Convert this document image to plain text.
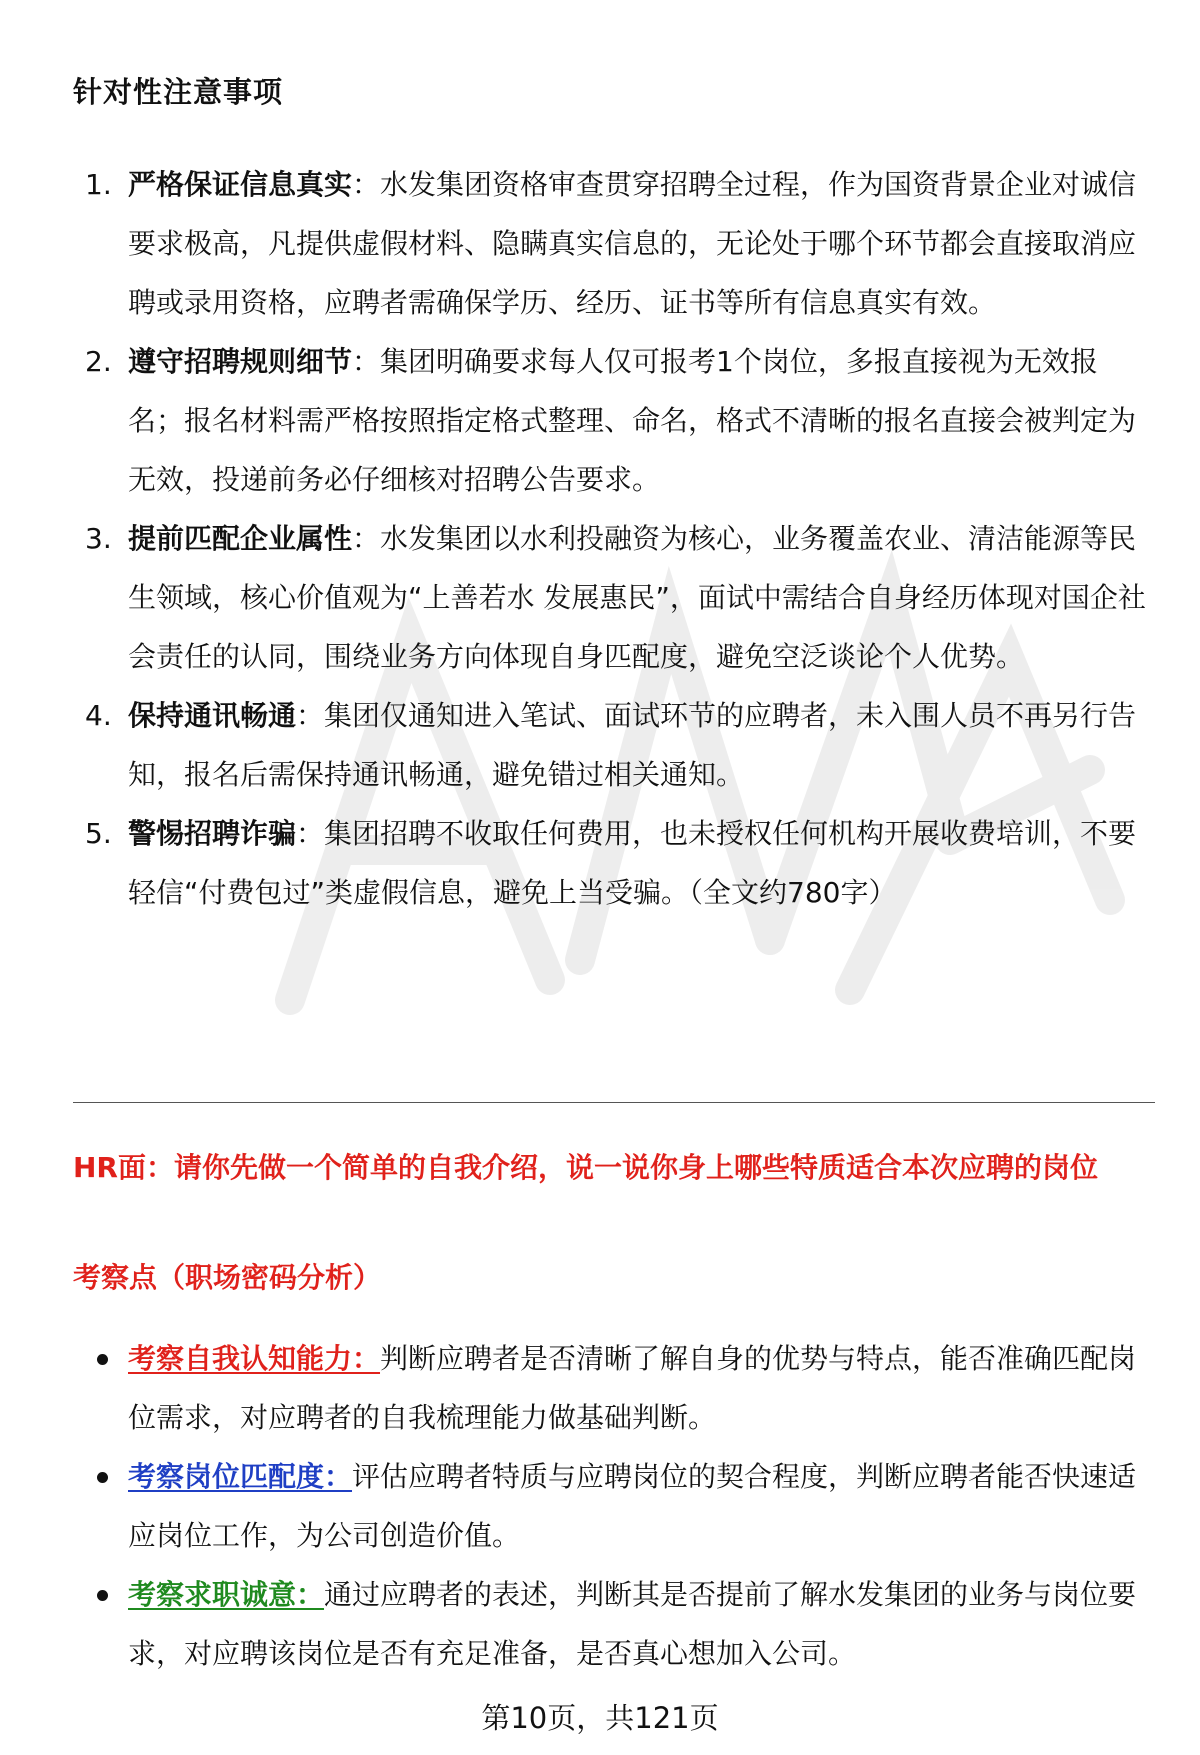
针对性注意事项
1. 严格保证信息真实：水发集团资格审查贯穿招聘全过程，作为国资背景企业对诚信要求极高，凡提供虚假材料、隐瞒真实信息的，无论处于哪个环节都会直接取消应聘或录用资格，应聘者需确保学历、经历、证书等所有信息真实有效。
2. 遵守招聘规则细节：集团明确要求每人仅可报考1个岗位，多报直接视为无效报名；报名材料需严格按照指定格式整理、命名，格式不清晰的报名直接会被判定为无效，投递前务必仔细核对招聘公告要求。
3. 提前匹配企业属性：水发集团以水利投融资为核心，业务覆盖农业、清洁能源等民生领域，核心价值观为“上善若水 发展惠民”，面试中需结合自身经历体现对国企社会责任的认同，围绕业务方向体现自身匹配度，避免空泛谈论个人优势。
4. 保持通讯畅通：集团仅通知进入笔试、面试环节的应聘者，未入围人员不再另行告知，报名后需保持通讯畅通，避免错过相关通知。
5. 警惕招聘诈骗：集团招聘不收取任何费用，也未授权任何机构开展收费培训，不要轻信“付费包过”类虚假信息，避免上当受骗。（全文约780字）
HR面：请你先做一个简单的自我介绍，说一说你身上哪些特质适合本次应聘的岗位
考察点（职场密码分析）
考察自我认知能力：判断应聘者是否清晰了解自身的优势与特点，能否准确匹配岗位需求，对应聘者的自我梳理能力做基础判断。
考察岗位匹配度：评估应聘者特质与应聘岗位的契合程度，判断应聘者能否快速适应岗位工作，为公司创造价值。
考察求职诚意：通过应聘者的表述，判断其是否提前了解水发集团的业务与岗位要求，对应聘该岗位是否有充足准备，是否真心想加入公司。
第10页，共121页
